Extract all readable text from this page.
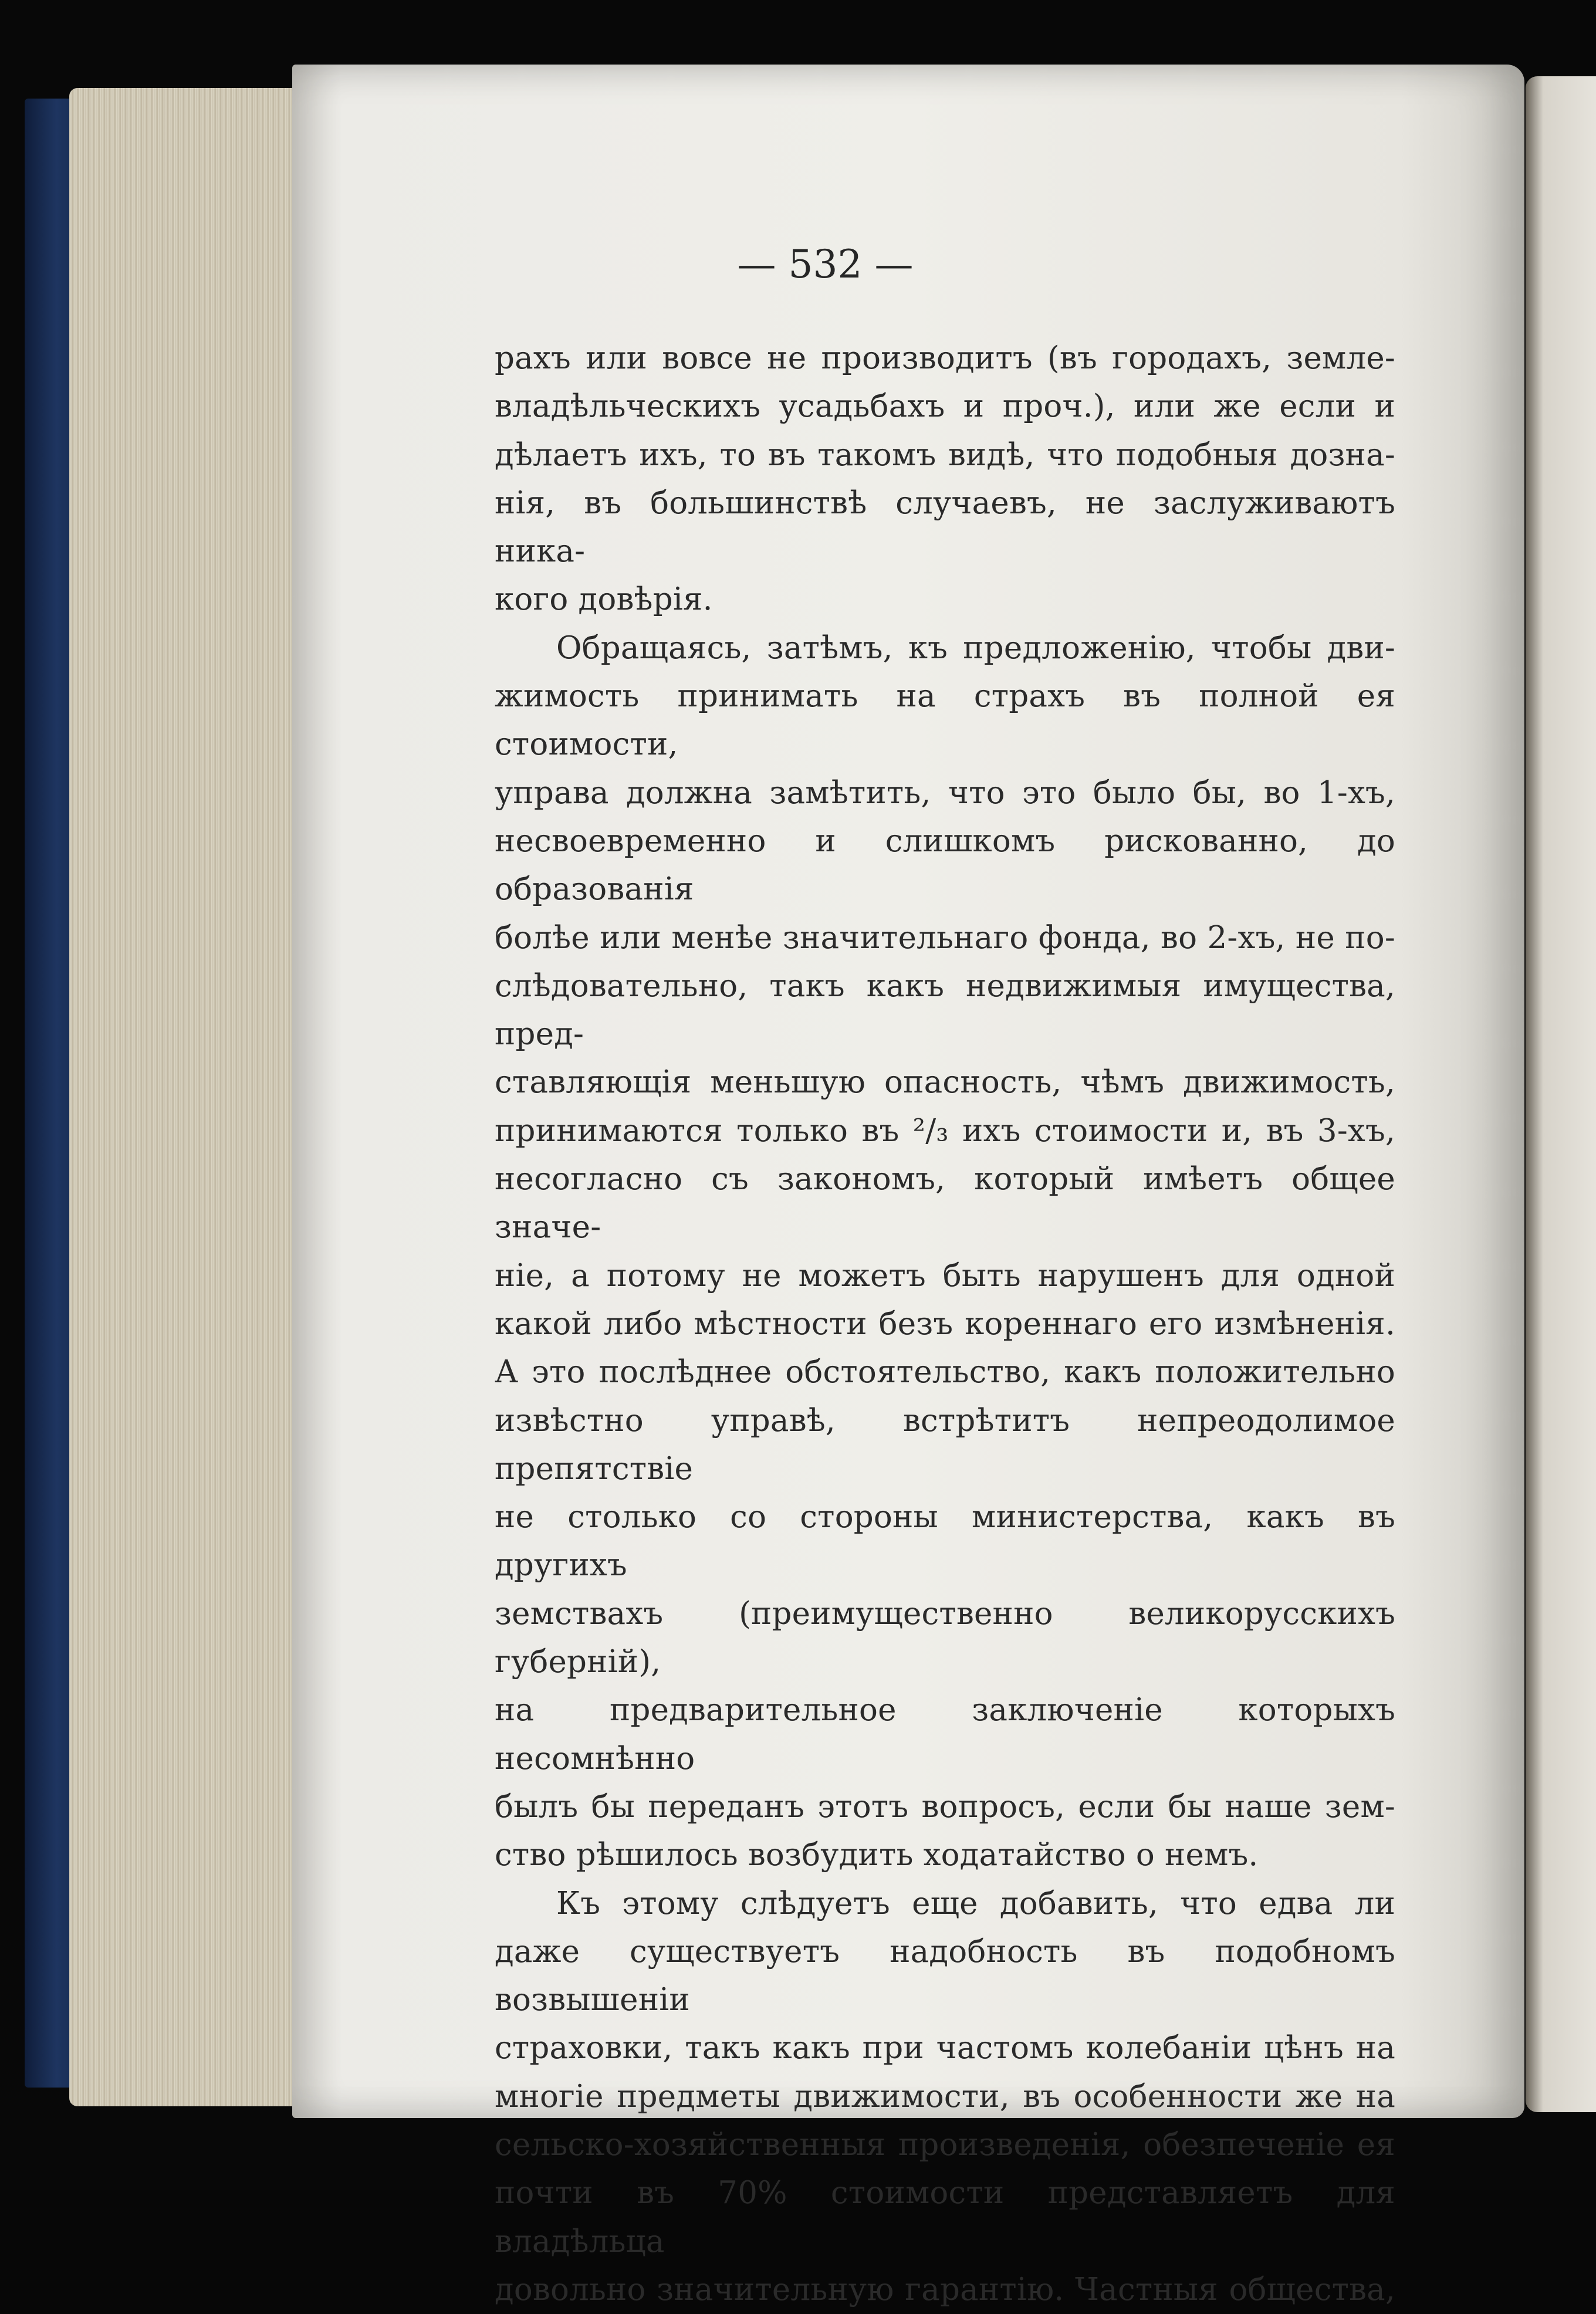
— 532 —

рахъ или вовсе не производитъ (въ городахъ, земле-

владѣльческихъ усадьбахъ и проч.), или же если и

дѣлаетъ ихъ, то въ такомъ видѣ, что подобныя дозна-

нія, въ большинствѣ случаевъ, не заслуживаютъ ника-

кого довѣрія.

Обращаясь, затѣмъ, къ предложенію, чтобы дви-

жимость принимать на страхъ въ полной ея стоимости,

управа должна замѣтить, что это было бы, во 1-хъ,

несвоевременно и слишкомъ рискованно, до образованія

болѣе или менѣе значительнаго фонда, во 2-хъ, не по-

слѣдовательно, такъ какъ недвижимыя имущества, пред-

ставляющія меньшую опасность, чѣмъ движимость,

принимаются только въ ²/₃ ихъ стоимости и, въ 3-хъ,

несогласно съ закономъ, который имѣетъ общее значе-

ніе, а потому не можетъ быть нарушенъ для одной

какой либо мѣстности безъ кореннаго его измѣненія.

А это послѣднее обстоятельство, какъ положительно

извѣстно управѣ, встрѣтитъ непреодолимое препятствіе

не столько со стороны министерства, какъ въ другихъ

земствахъ (преимущественно великорусскихъ губерній),

на предварительное заключеніе которыхъ несомнѣнно

былъ бы переданъ этотъ вопросъ, если бы наше зем-

ство рѣшилось возбудить ходатайство о немъ.

Къ этому слѣдуетъ еще добавить, что едва ли

даже существуетъ надобность въ подобномъ возвышеніи

страховки, такъ какъ при частомъ колебаніи цѣнъ на

многіе предметы движимости, въ особенности же на

сельско-хозяйственныя произведенія, обезпеченіе ея

почти въ 70% стоимости представляетъ для владѣльца

довольно значительную гарантію. Частныя общества,
